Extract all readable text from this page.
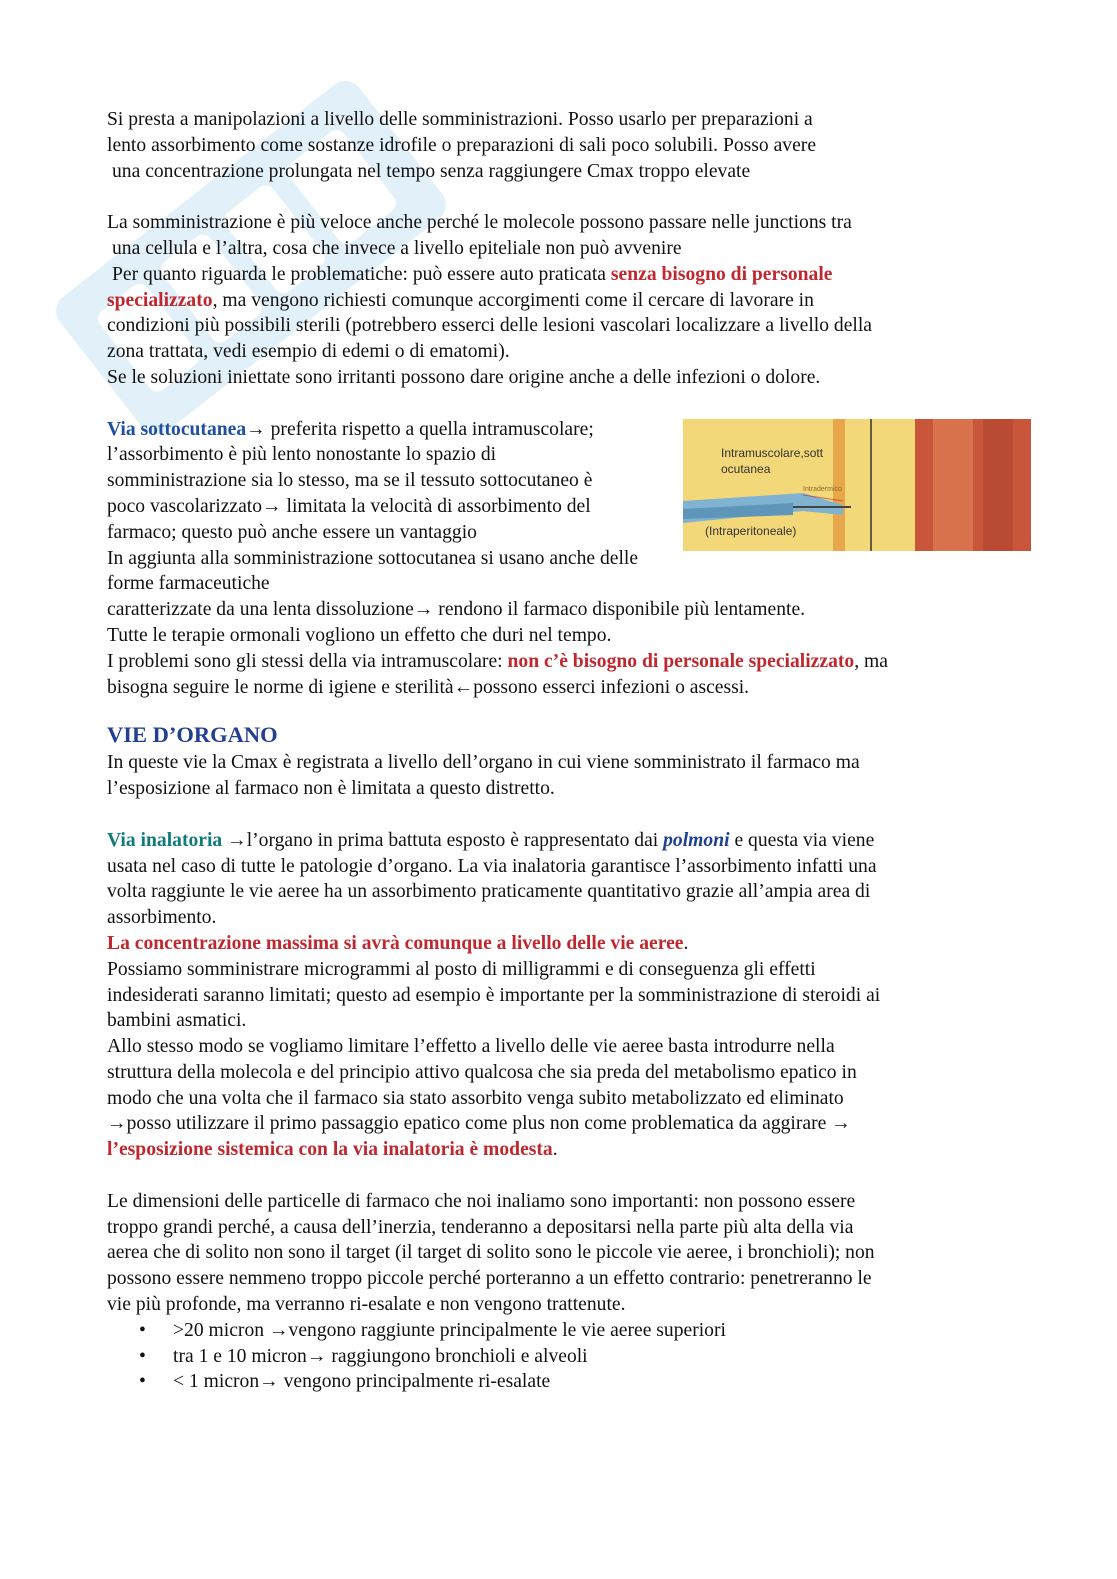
Si presta a manipolazioni a livello delle somministrazioni. Posso usarlo per preparazioni a

lento assorbimento come sostanze idrofile o preparazioni di sali poco solubili. Posso avere

una concentrazione prolungata nel tempo senza raggiungere Cmax troppo elevate

La somministrazione è più veloce anche perché le molecole possono passare nelle junctions tra

una cellula e l’altra, cosa che invece a livello epiteliale non può avvenire

Per quanto riguarda le problematiche: può essere auto praticata senza bisogno di personale

specializzato, ma vengono richiesti comunque accorgimenti come il cercare di lavorare in

condizioni più possibili sterili (potrebbero esserci delle lesioni vascolari localizzare a livello della

zona trattata, vedi esempio di edemi o di ematomi).

Se le soluzioni iniettate sono irritanti possono dare origine anche a delle infezioni o dolore.

Intramuscolare,sott
ocutanea
(Intraperitoneale)
Intradermico

Via sottocutanea→ preferita rispetto a quella intramuscolare;

l’assorbimento è più lento nonostante lo spazio di

somministrazione sia lo stesso, ma se il tessuto sottocutaneo è

poco vascolarizzato→ limitata la velocità di assorbimento del

farmaco; questo può anche essere un vantaggio

In aggiunta alla somministrazione sottocutanea si usano anche delle forme farmaceutiche

caratterizzate da una lenta dissoluzione→ rendono il farmaco disponibile più lentamente.

Tutte le terapie ormonali vogliono un effetto che duri nel tempo.

I problemi sono gli stessi della via intramuscolare: non c’è bisogno di personale specializzato, ma

bisogna seguire le norme di igiene e sterilità←possono esserci infezioni o ascessi.

VIE D’ORGANO

In queste vie la Cmax è registrata a livello dell’organo in cui viene somministrato il farmaco ma

l’esposizione al farmaco non è limitata a questo distretto.

Via inalatoria →l’organo in prima battuta esposto è rappresentato dai polmoni e questa via viene

usata nel caso di tutte le patologie d’organo. La via inalatoria garantisce l’assorbimento infatti una

volta raggiunte le vie aeree ha un assorbimento praticamente quantitativo grazie all’ampia area di

assorbimento.

La concentrazione massima si avrà comunque a livello delle vie aeree.

Possiamo somministrare microgrammi al posto di milligrammi e di conseguenza gli effetti

indesiderati saranno limitati; questo ad esempio è importante per la somministrazione di steroidi ai

bambini asmatici.

Allo stesso modo se vogliamo limitare l’effetto a livello delle vie aeree basta introdurre nella

struttura della molecola e del principio attivo qualcosa che sia preda del metabolismo epatico in

modo che una volta che il farmaco sia stato assorbito venga subito metabolizzato ed eliminato

→posso utilizzare il primo passaggio epatico come plus non come problematica da aggirare →

l’esposizione sistemica con la via inalatoria è modesta.

Le dimensioni delle particelle di farmaco che noi inaliamo sono importanti: non possono essere

troppo grandi perché, a causa dell’inerzia, tenderanno a depositarsi nella parte più alta della via

aerea che di solito non sono il target (il target di solito sono le piccole vie aeree, i bronchioli); non

possono essere nemmeno troppo piccole perché porteranno a un effetto contrario: penetreranno le

vie più profonde, ma verranno ri-esalate e non vengono trattenute.

• >20 micron →vengono raggiunte principalmente le vie aeree superiori
• tra 1 e 10 micron→ raggiungono bronchioli e alveoli
• < 1 micron→ vengono principalmente ri-esalate
